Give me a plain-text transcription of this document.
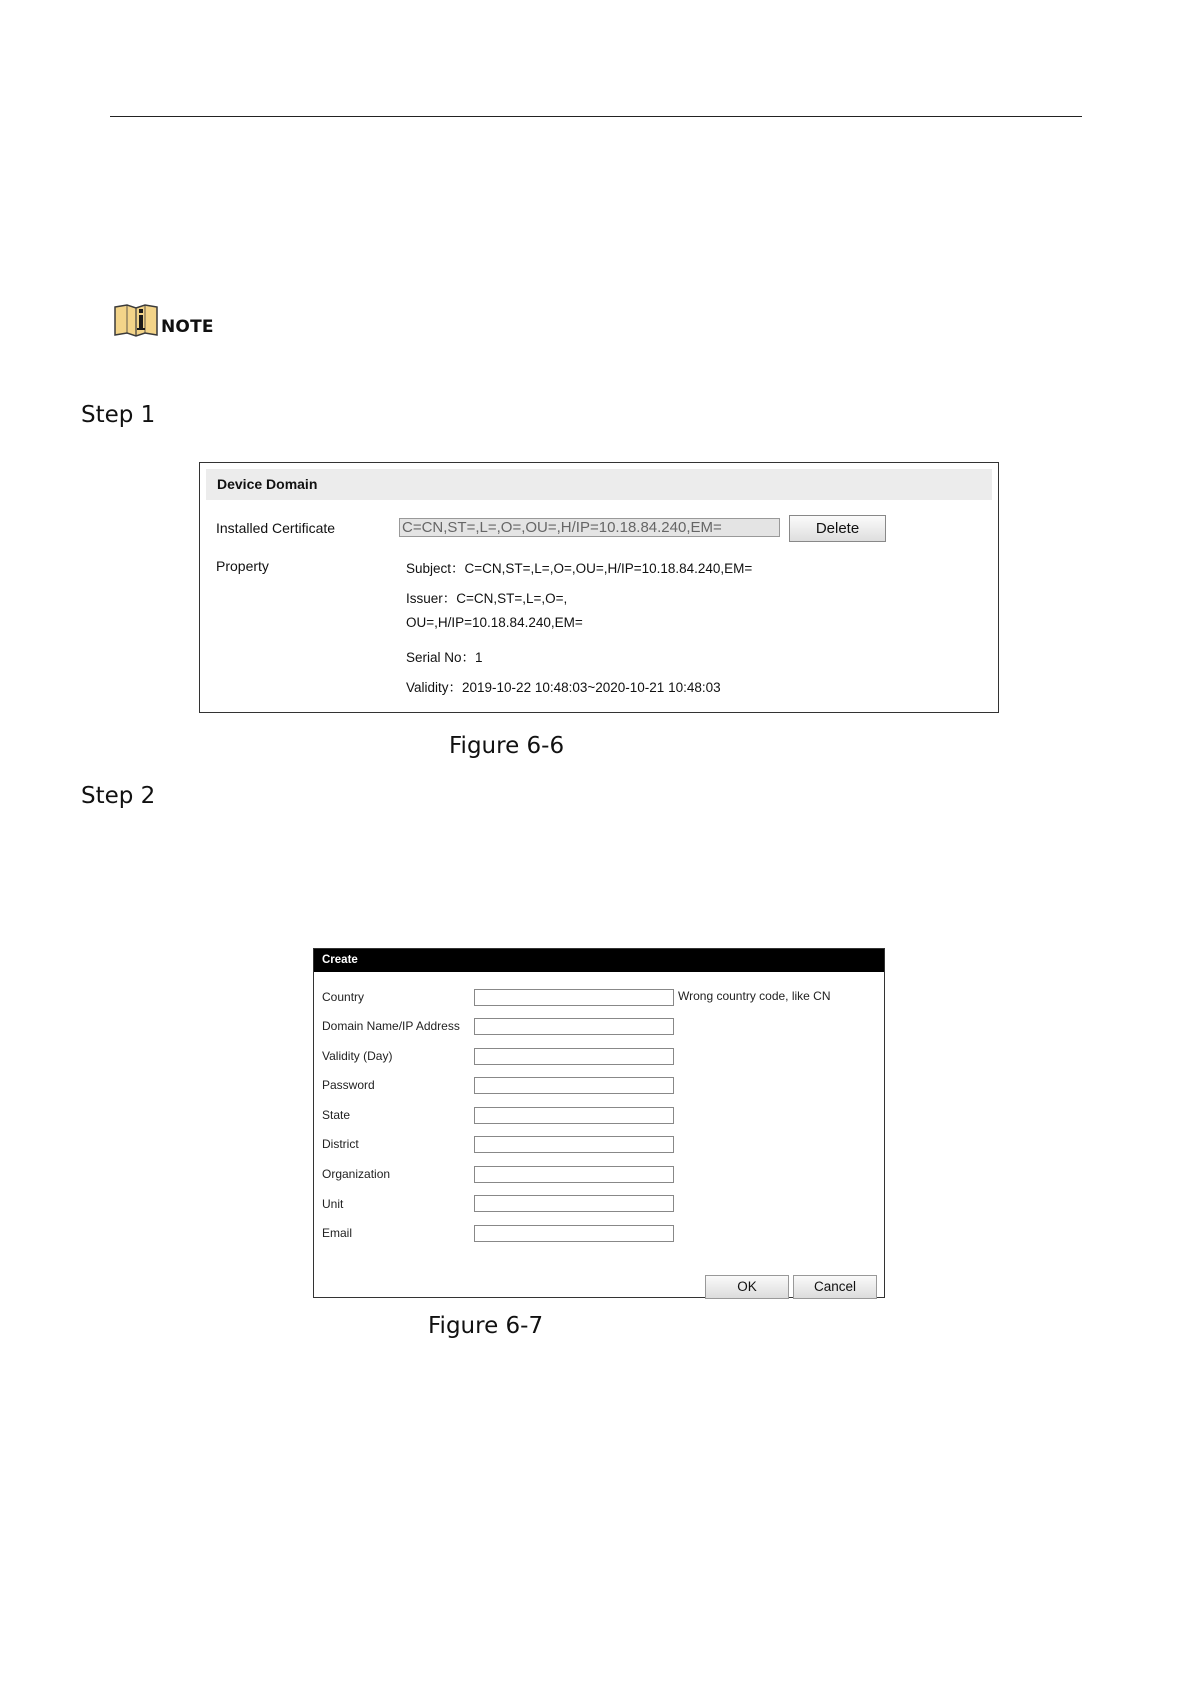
NOTE
Step 1
Device Domain
Installed Certificate	C=CN,ST=,L=,O=,OU=,H/IP=10.18.84.240,EM=	Delete
Property	Subject：C=CN,ST=,L=,O=,OU=,H/IP=10.18.84.240,EM=
Issuer：C=CN,ST=,L=,O=,
OU=,H/IP=10.18.84.240,EM=
Serial No：1
Validity：2019-10-22 10:48:03~2020-10-21 10:48:03
Figure 6-6
Step 2
Create
Country	Wrong country code, like CN
Domain Name/IP Address
Validity (Day)
Password
State
District
Organization
Unit
Email
OK	Cancel
Figure 6-7
